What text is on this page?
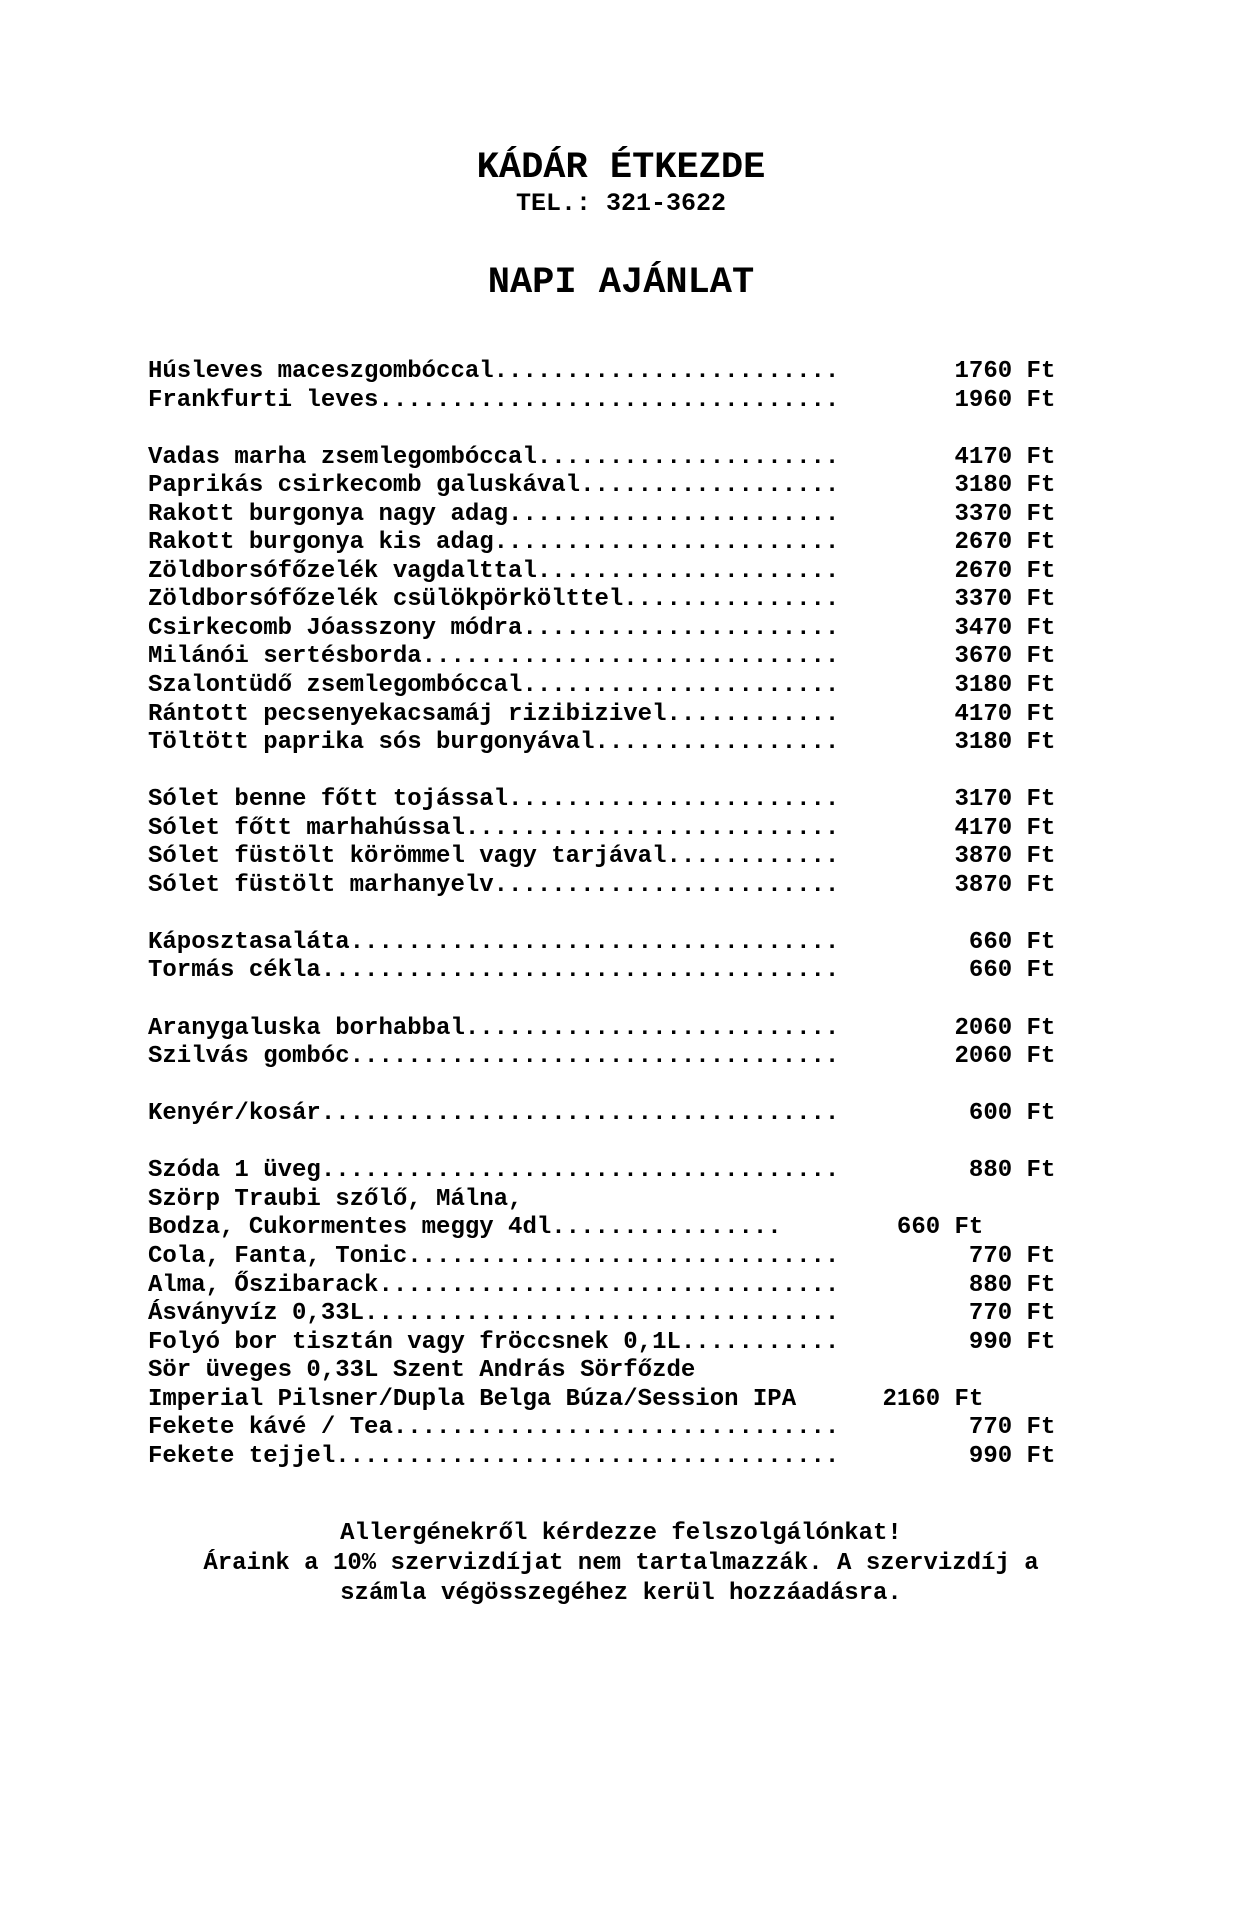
KÁDÁR ÉTKEZDE
TEL.: 321-3622
NAPI AJÁNLAT
Húsleves maceszgombóccal........................        1760 Ft
Frankfurti leves................................        1960 Ft
Vadas marha zsemlegombóccal.....................        4170 Ft
Paprikás csirkecomb galuskával..................        3180 Ft
Rakott burgonya nagy adag.......................        3370 Ft
Rakott burgonya kis adag........................        2670 Ft
Zöldborsófőzelék vagdalttal.....................        2670 Ft
Zöldborsófőzelék csülökpörkölttel...............        3370 Ft
Csirkecomb Jóasszony módra......................        3470 Ft
Milánói sertésborda.............................        3670 Ft
Szalontüdő zsemlegombóccal......................        3180 Ft
Rántott pecsenyekacsamáj rizibizivel............        4170 Ft
Töltött paprika sós burgonyával.................        3180 Ft
Sólet benne főtt tojással.......................        3170 Ft
Sólet főtt marhahússal..........................        4170 Ft
Sólet füstölt körömmel vagy tarjával............        3870 Ft
Sólet füstölt marhanyelv........................        3870 Ft
Káposztasaláta..................................         660 Ft
Tormás cékla....................................         660 Ft
Aranygaluska borhabbal..........................        2060 Ft
Szilvás gombóc..................................        2060 Ft
Kenyér/kosár....................................         600 Ft
Szóda 1 üveg....................................         880 Ft
Szörp Traubi szőlő, Málna,
Bodza, Cukormentes meggy 4dl................        660 Ft
Cola, Fanta, Tonic..............................         770 Ft
Alma, Őszibarack................................         880 Ft
Ásványvíz 0,33L.................................         770 Ft
Folyó bor tisztán vagy fröccsnek 0,1L...........         990 Ft
Sör üveges 0,33L Szent András Sörfőzde
Imperial Pilsner/Dupla Belga Búza/Session IPA      2160 Ft
Fekete kávé / Tea...............................         770 Ft
Fekete tejjel...................................         990 Ft
Allergénekről kérdezze felszolgálónkat!
Áraink a 10% szervizdíjat nem tartalmazzák. A szervizdíj a
számla végösszegéhez kerül hozzáadásra.
